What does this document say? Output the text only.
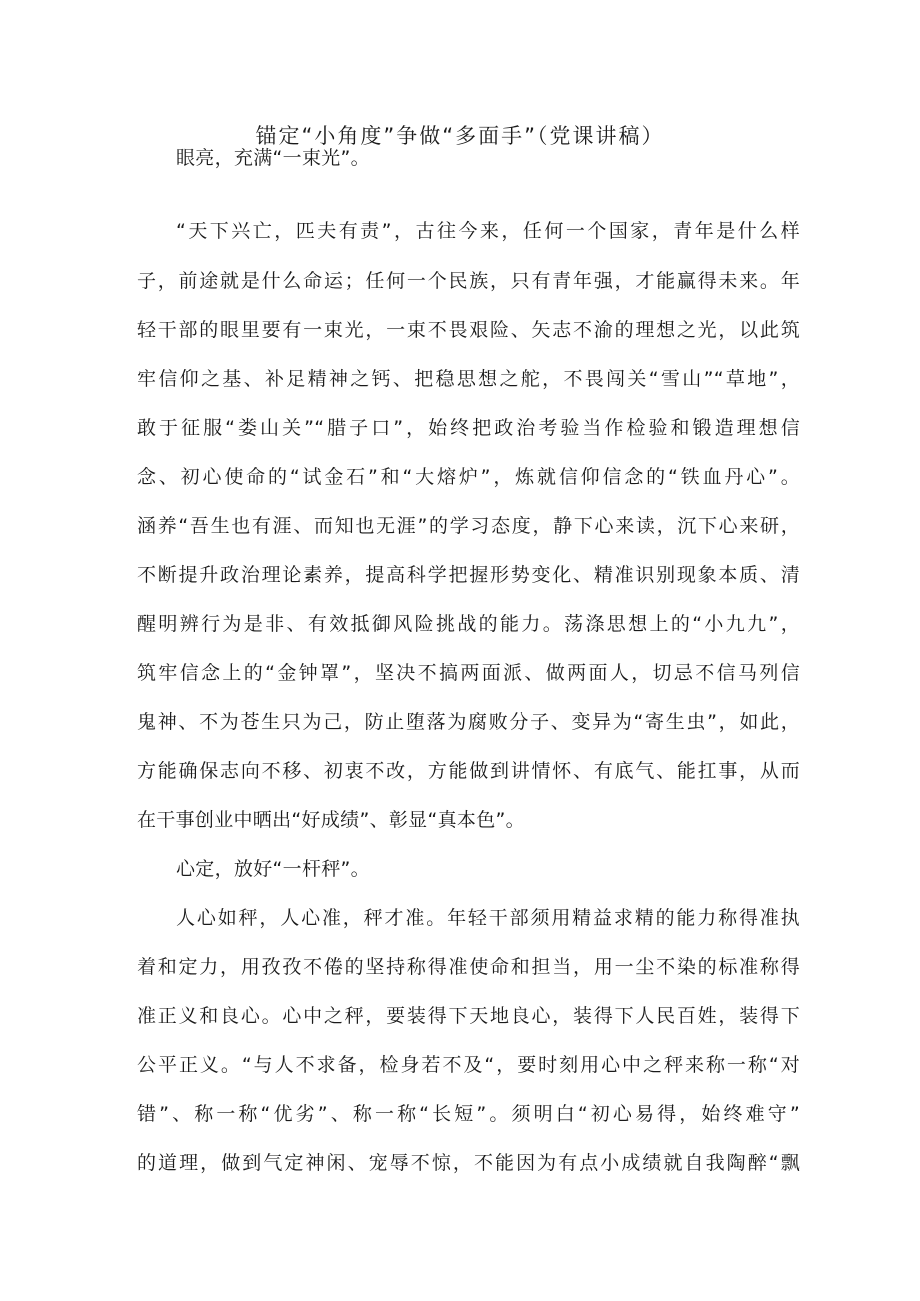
锚定“小角度”争做“多面手”（党课讲稿）
眼亮，充满“一束光”。
“天下兴亡，匹夫有责”，古往今来，任何一个国家，青年是什么样
子，前途就是什么命运；任何一个民族，只有青年强，才能赢得未来。年
轻干部的眼里要有一束光，一束不畏艰险、矢志不渝的理想之光，以此筑
牢信仰之基、补足精神之钙、把稳思想之舵，不畏闯关“雪山”“草地”，
敢于征服“娄山关”“腊子口”，始终把政治考验当作检验和锻造理想信
念、初心使命的“试金石”和“大熔炉”，炼就信仰信念的“铁血丹心”。
涵养“吾生也有涯、而知也无涯”的学习态度，静下心来读，沉下心来研，
不断提升政治理论素养，提高科学把握形势变化、精准识别现象本质、清
醒明辨行为是非、有效抵御风险挑战的能力。荡涤思想上的“小九九”，
筑牢信念上的“金钟罩”，坚决不搞两面派、做两面人，切忌不信马列信
鬼神、不为苍生只为己，防止堕落为腐败分子、变异为“寄生虫”，如此，
方能确保志向不移、初衷不改，方能做到讲情怀、有底气、能扛事，从而
在干事创业中晒出“好成绩”、彰显“真本色”。
心定，放好“一杆秤”。
人心如秤，人心准，秤才准。年轻干部须用精益求精的能力称得准执
着和定力，用孜孜不倦的坚持称得准使命和担当，用一尘不染的标准称得
准正义和良心。心中之秤，要装得下天地良心，装得下人民百姓，装得下
公平正义。“与人不求备，检身若不及“，要时刻用心中之秤来称一称“对
错”、称一称“优劣”、称一称“长短”。须明白“初心易得，始终难守”
的道理，做到气定神闲、宠辱不惊，不能因为有点小成绩就自我陶醉“飘
